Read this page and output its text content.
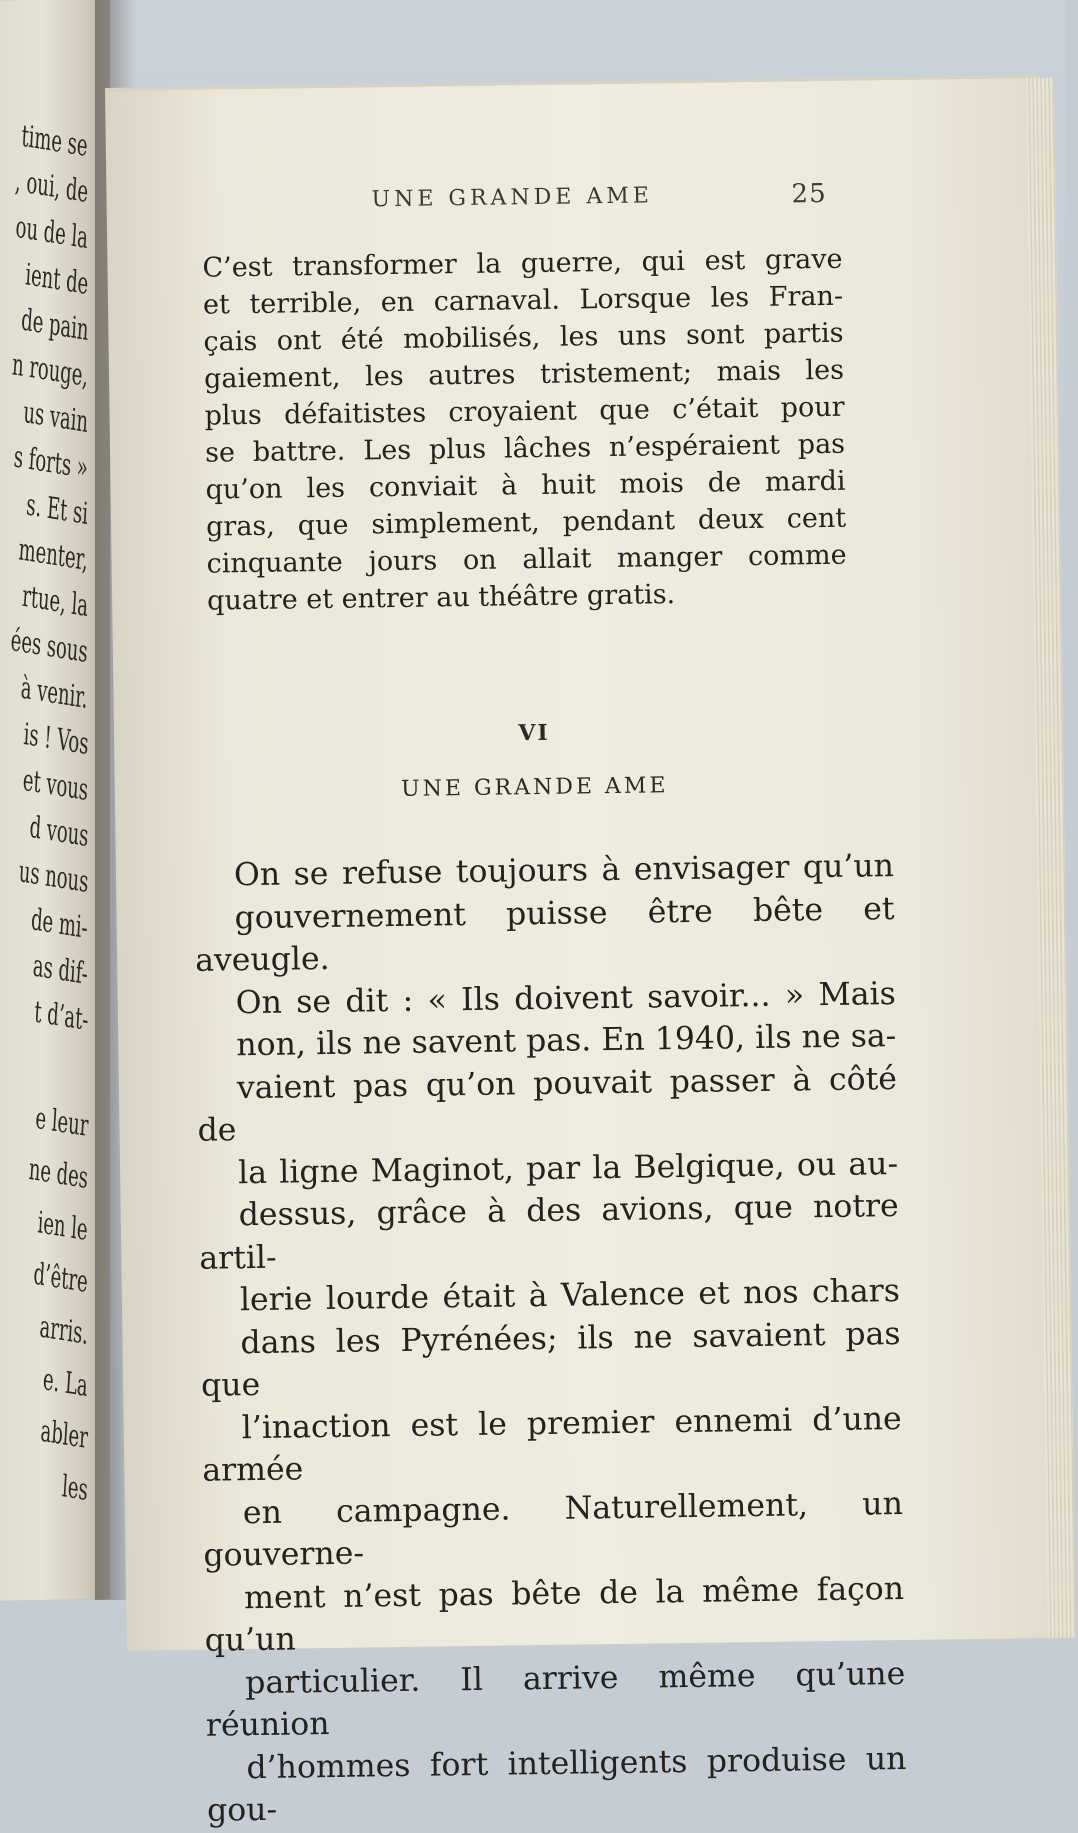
time se
, oui, de
ou de la
ient de
de pain
n rouge,
us vain
s forts »
s. Et si
menter,
rtue, la
ées sous
à venir.
is ! Vos
et vous
d vous
us nous
de mi-
as dif-
t d’at-
e leur
ne des
ien le
d’être
arris.
e. La
abler
les
UNE GRANDE AME	25
C’est transformer la guerre, qui est grave
et terrible, en carnaval. Lorsque les Fran-
çais ont été mobilisés, les uns sont partis
gaiement, les autres tristement; mais les
plus défaitistes croyaient que c’était pour
se battre. Les plus lâches n’espéraient pas
qu’on les conviait à huit mois de mardi
gras, que simplement, pendant deux cent
cinquante jours on allait manger comme
quatre et entrer au théâtre gratis.
VI
UNE GRANDE AME
On se refuse toujours à envisager qu’un
gouvernement puisse être bête et aveugle.
On se dit : « Ils doivent savoir... » Mais
non, ils ne savent pas. En 1940, ils ne sa-
vaient pas qu’on pouvait passer à côté de
la ligne Maginot, par la Belgique, ou au-
dessus, grâce à des avions, que notre artil-
lerie lourde était à Valence et nos chars
dans les Pyrénées; ils ne savaient pas que
l’inaction est le premier ennemi d’une armée
en campagne. Naturellement, un gouverne-
ment n’est pas bête de la même façon qu’un
particulier. Il arrive même qu’une réunion
d’hommes fort intelligents produise un gou-
